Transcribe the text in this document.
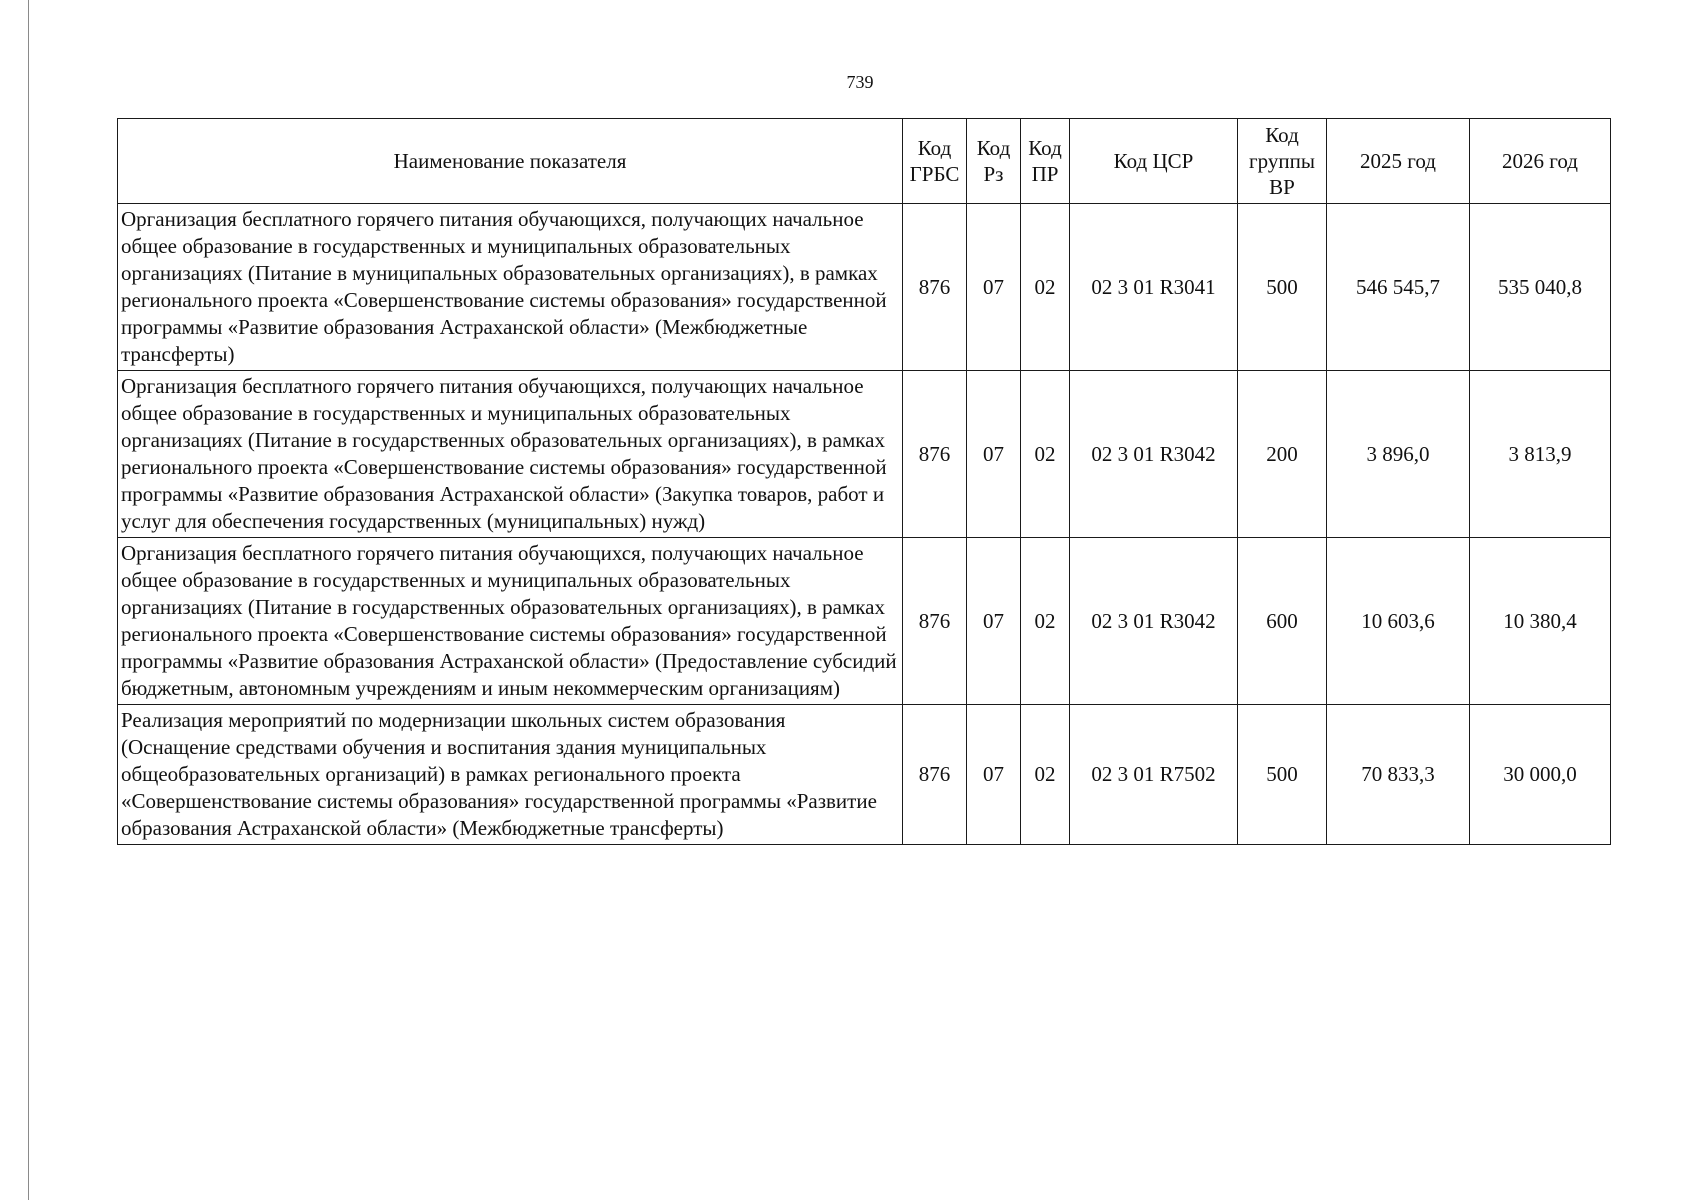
739
Наименование показателя	Код ГРБС	Код Рз	Код ПР	Код ЦСР	Код группы ВР	2025 год	2026 год
Организация бесплатного горячего питания обучающихся, получающих начальное общее образование в государственных и муниципальных образовательных организациях (Питание в муниципальных образовательных организациях), в рамках регионального проекта «Совершенствование системы образования» государственной программы «Развитие образования Астраханской области» (Межбюджетные трансферты)	876	07	02	02 3 01 R3041	500	546 545,7	535 040,8
Организация бесплатного горячего питания обучающихся, получающих начальное общее образование в государственных и муниципальных образовательных организациях (Питание в государственных образовательных организациях), в рамках регионального проекта «Совершенствование системы образования» государственной программы «Развитие образования Астраханской области» (Закупка товаров, работ и услуг для обеспечения государственных (муниципальных) нужд)	876	07	02	02 3 01 R3042	200	3 896,0	3 813,9
Организация бесплатного горячего питания обучающихся, получающих начальное общее образование в государственных и муниципальных образовательных организациях (Питание в государственных образовательных организациях), в рамках регионального проекта «Совершенствование системы образования» государственной программы «Развитие образования Астраханской области» (Предоставление субсидий бюджетным, автономным учреждениям и иным некоммерческим организациям)	876	07	02	02 3 01 R3042	600	10 603,6	10 380,4
Реализация мероприятий по модернизации школьных систем образования (Оснащение средствами обучения и воспитания здания муниципальных общеобразовательных организаций) в рамках регионального проекта «Совершенствование системы образования» государственной программы «Развитие образования Астраханской области» (Межбюджетные трансферты)	876	07	02	02 3 01 R7502	500	70 833,3	30 000,0
